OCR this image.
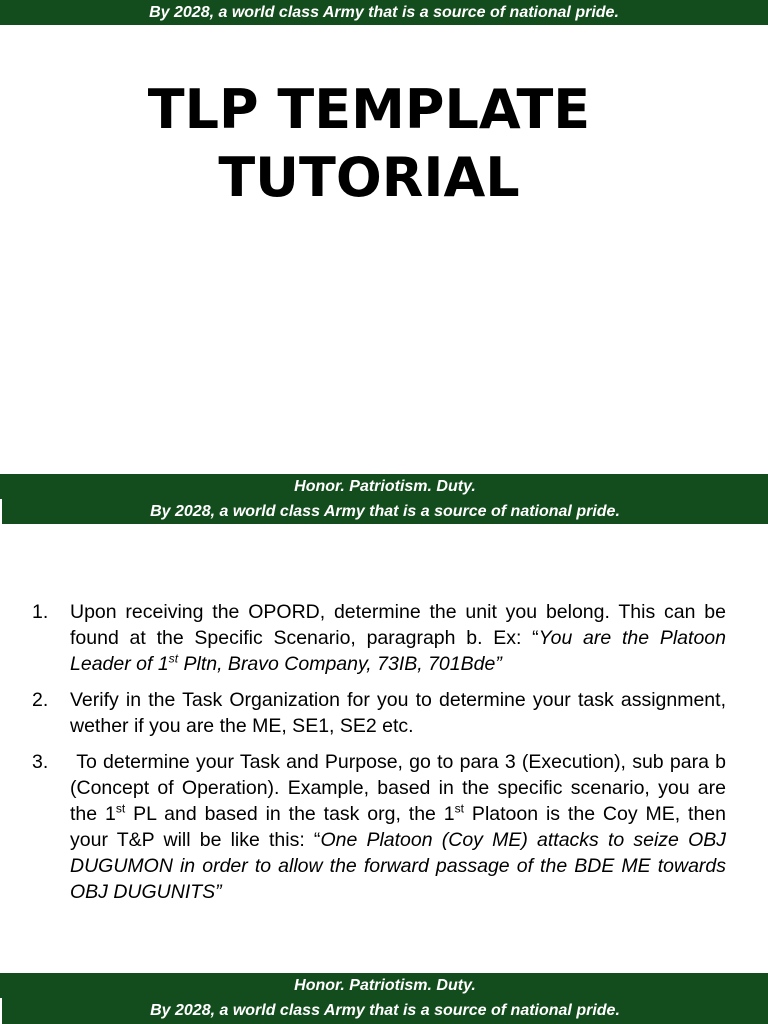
By 2028, a world class Army that is a source of national pride.
TLP TEMPLATE
TUTORIAL
Honor. Patriotism. Duty.
By 2028, a world class Army that is a source of national pride.
1. Upon receiving the OPORD, determine the unit you belong. This can be found at the Specific Scenario, paragraph b. Ex: “You are the Platoon Leader of 1st Pltn, Bravo Company, 73IB, 701Bde”
2. Verify in the Task Organization for you to determine your task assignment, wether if you are the ME, SE1, SE2 etc.
3. To determine your Task and Purpose, go to para 3 (Execution), sub para b (Concept of Operation). Example, based in the specific scenario, you are the 1st PL and based in the task org, the 1st Platoon is the Coy ME, then your T&P will be like this: “One Platoon (Coy ME) attacks to seize OBJ DUGUMON in order to allow the forward passage of the BDE ME towards OBJ DUGUNITS”
Honor. Patriotism. Duty.
By 2028, a world class Army that is a source of national pride.
